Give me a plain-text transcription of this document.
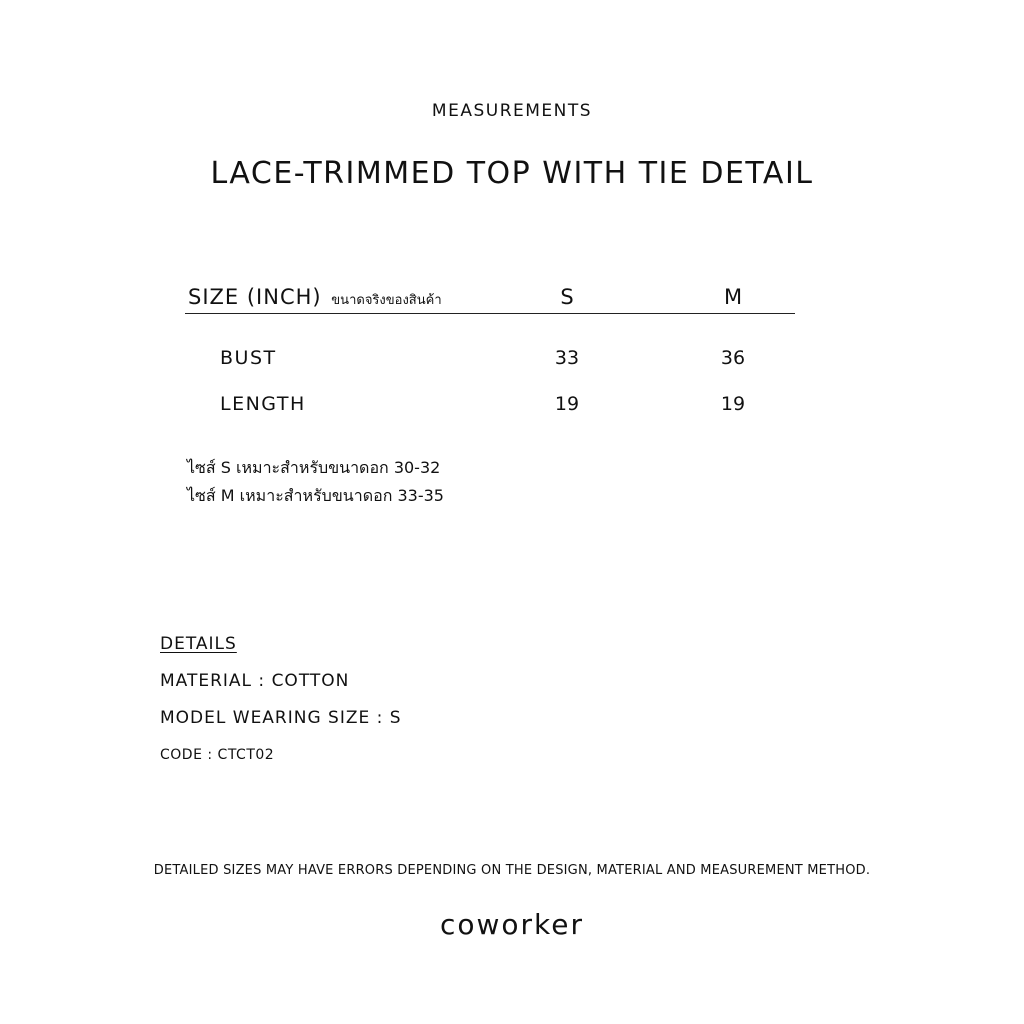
MEASUREMENTS
LACE-TRIMMED TOP WITH TIE DETAIL
SIZE (INCH) ขนาดจริงของสินค้า	S	M
BUST	33	36
LENGTH	19	19
ไซส์ S เหมาะสำหรับขนาดอก 30-32
ไซส์ M เหมาะสำหรับขนาดอก 33-35
DETAILS
MATERIAL : COTTON
MODEL WEARING SIZE : S
CODE : CTCT02
DETAILED SIZES MAY HAVE ERRORS DEPENDING ON THE DESIGN, MATERIAL AND MEASUREMENT METHOD.
coworker
